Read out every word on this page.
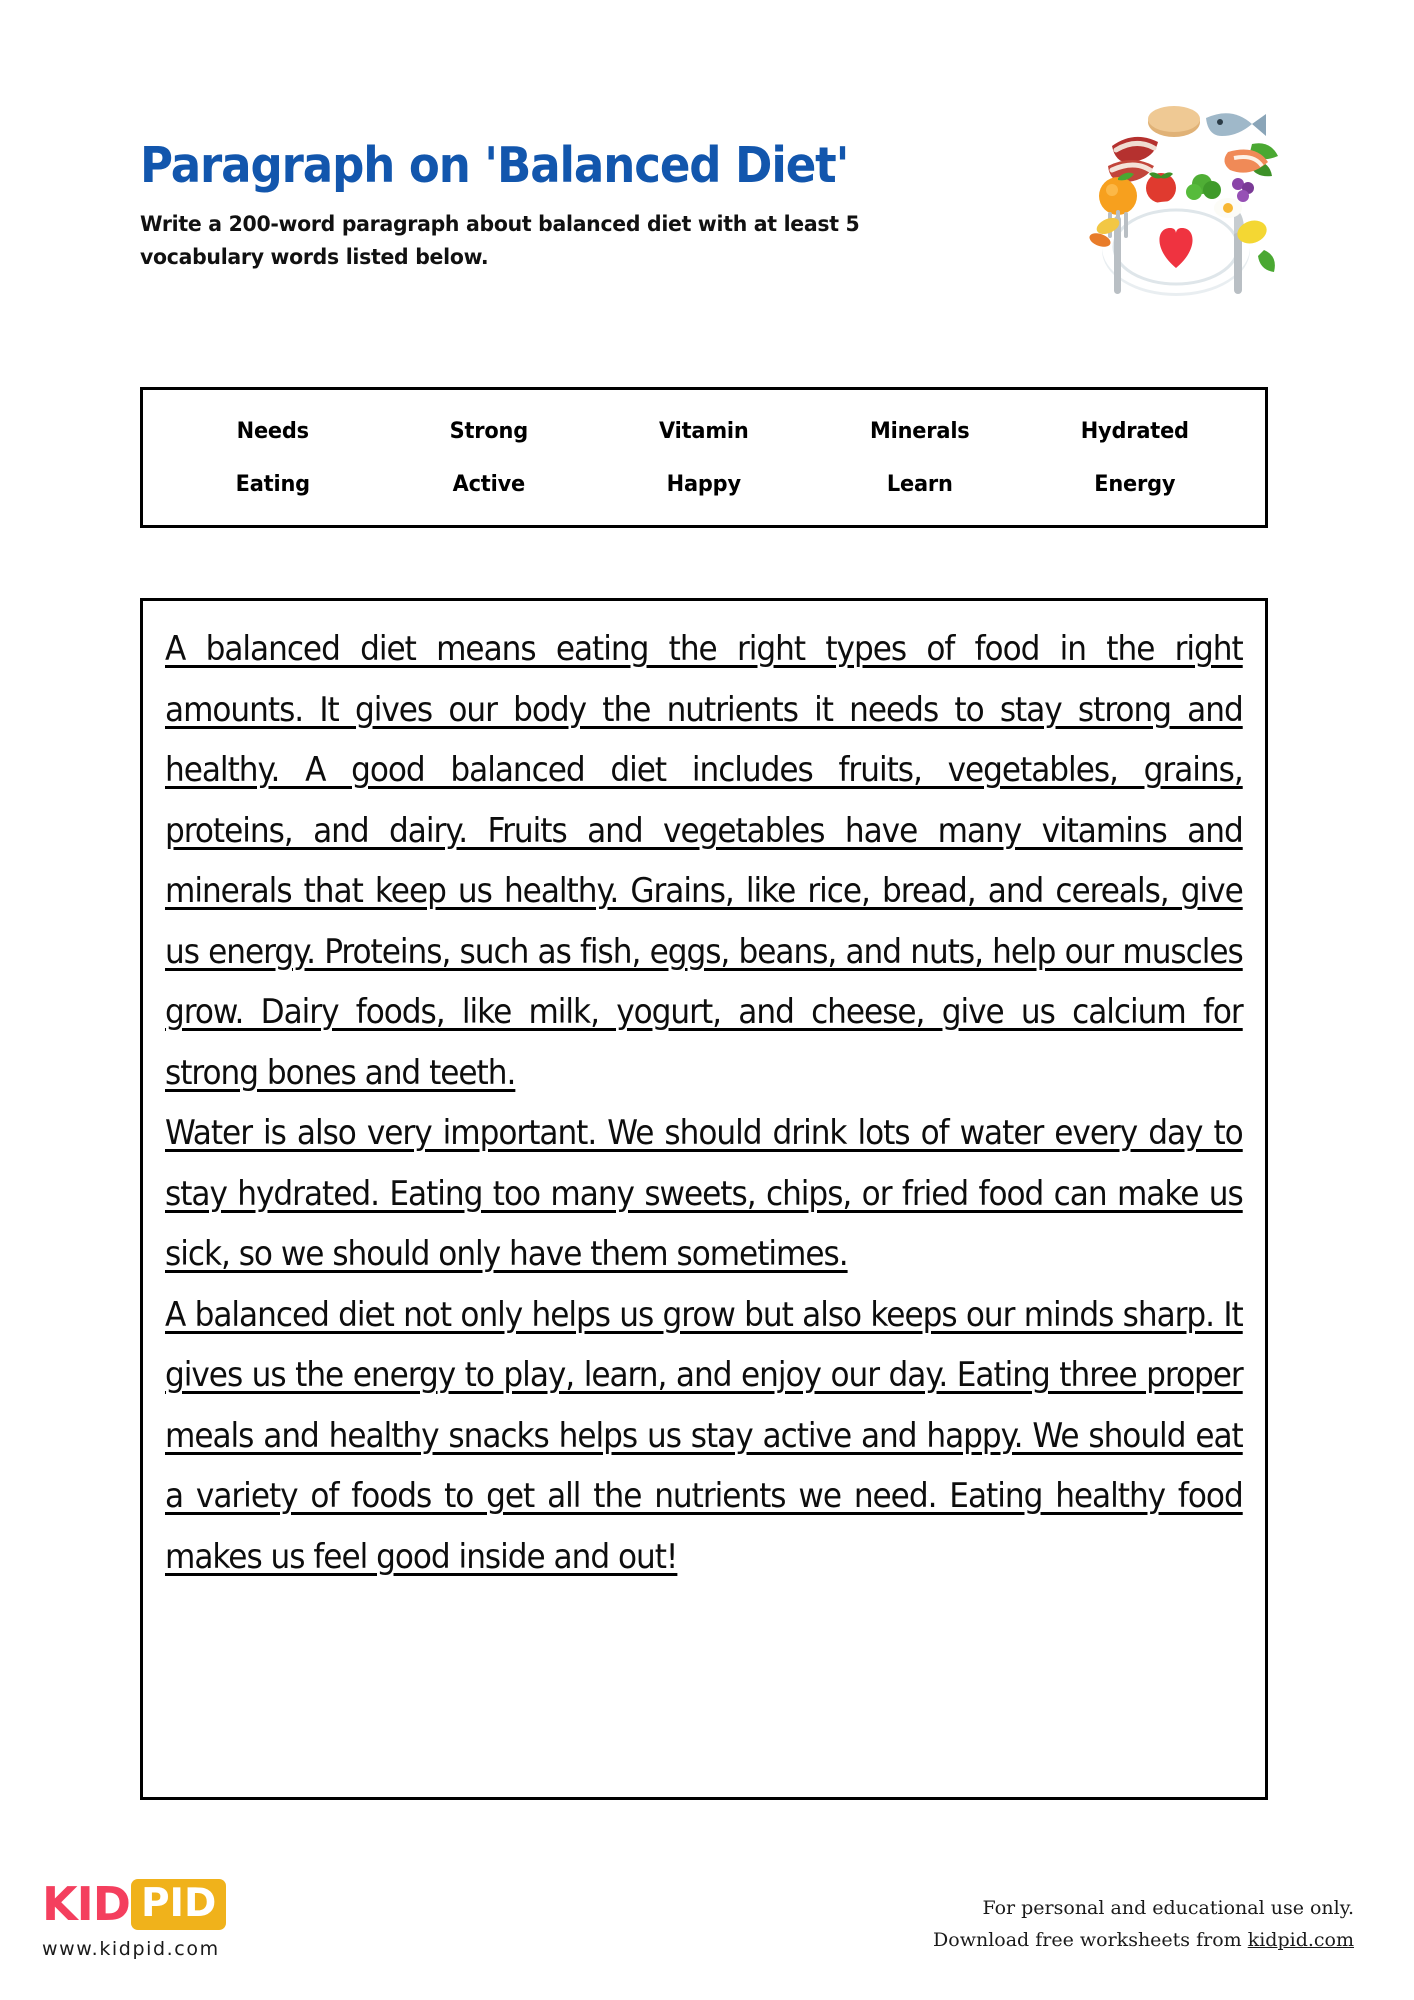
Paragraph on 'Balanced Diet'
Write a 200-word paragraph about balanced diet with at least 5 vocabulary words listed below.
Needs	Strong	Vitamin	Minerals	Hydrated
Eating	Active	Happy	Learn	Energy
A balanced diet means eating the right types of food in the right amounts. It gives our body the nutrients it needs to stay strong and healthy. A good balanced diet includes fruits, vegetables, grains, proteins, and dairy. Fruits and vegetables have many vitamins and minerals that keep us healthy. Grains, like rice, bread, and cereals, give us energy. Proteins, such as fish, eggs, beans, and nuts, help our muscles grow. Dairy foods, like milk, yogurt, and cheese, give us calcium for strong bones and teeth.
Water is also very important. We should drink lots of water every day to stay hydrated. Eating too many sweets, chips, or fried food can make us sick, so we should only have them sometimes.
A balanced diet not only helps us grow but also keeps our minds sharp. It gives us the energy to play, learn, and enjoy our day. Eating three proper meals and healthy snacks helps us stay active and happy. We should eat a variety of foods to get all the nutrients we need. Eating healthy food makes us feel good inside and out!
KID PID
www.kidpid.com
For personal and educational use only.
Download free worksheets from kidpid.com
